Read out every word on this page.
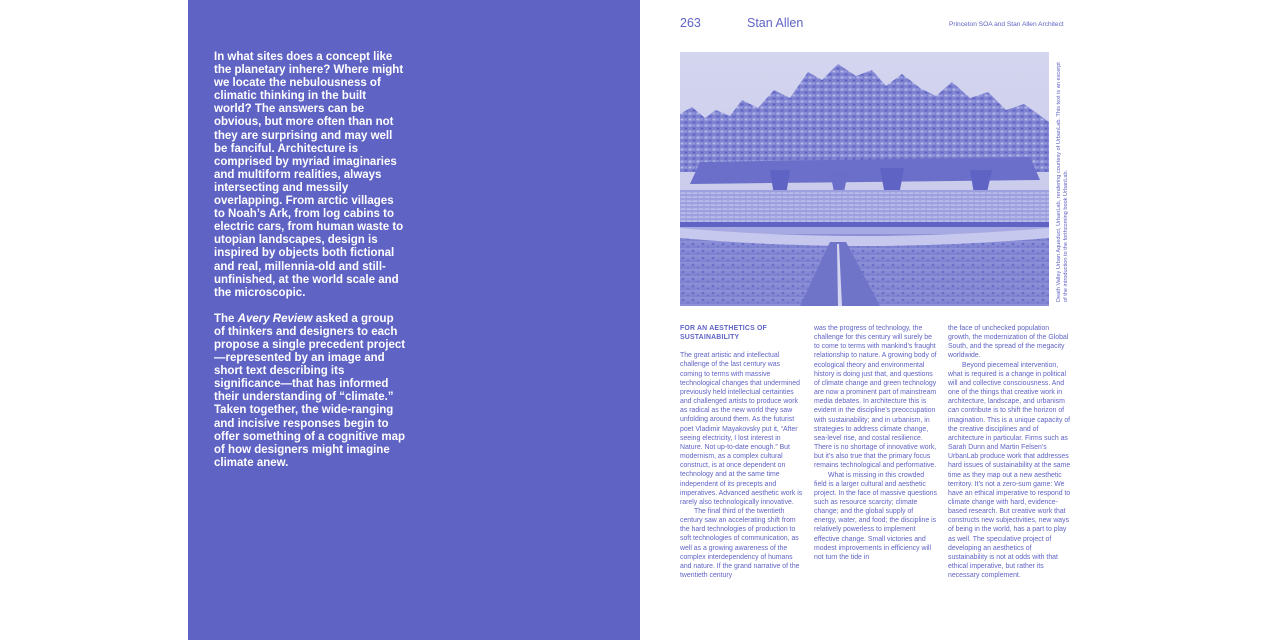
In what sites does a concept like the planetary inhere? Where might we locate the nebulousness of climatic thinking in the built world? The answers can be obvious, but more often than not they are surprising and may well be fanciful. Architecture is comprised by myriad imaginaries and multiform realities, always intersecting and messily overlapping. From arctic villages to Noah’s Ark, from log cabins to electric cars, from human waste to utopian landscapes, design is inspired by objects both fictional and real, millennia-old and still-unfinished, at the world scale and the microscopic.

The Avery Review asked a group of thinkers and designers to each propose a single precedent project—represented by an image and short text describing its significance—that has informed their understanding of “climate.” Taken together, the wide-ranging and incisive responses begin to offer something of a cognitive map of how designers might imagine climate anew.

263	Stan Allen	Princeton SOA and Stan Allen Architect
Death Valley Urban Aqueduct, UrbanLab, rendering courtesy of UrbanLab. This text is an excerpt of the introduction to the forthcoming book UrbanLab.

FOR AN AESTHETICS OF SUSTAINABILITY

The great artistic and intellectual challenge of the last century was coming to terms with massive technological changes that undermined previously held intellectual certainties and challenged artists to produce work as radical as the new world they saw unfolding around them. As the futurist poet Vladimir Mayakovsky put it, “After seeing electricity, I lost interest in Nature. Not up-to-date enough.” But modernism, as a complex cultural construct, is at once dependent on technology and at the same time independent of its precepts and imperatives. Advanced aesthetic work is rarely also technologically innovative.

The final third of the twentieth century saw an accelerating shift from the hard technologies of production to soft technologies of communication, as well as a growing awareness of the complex interdependency of humans and nature. If the grand narrative of the twentieth century

was the progress of technology, the challenge for this century will surely be to come to terms with mankind’s fraught relationship to nature. A growing body of ecological theory and environmental history is doing just that, and questions of climate change and green technology are now a prominent part of mainstream media debates. In architecture this is evident in the discipline’s preoccupation with sustainability; and in urbanism, in strategies to address climate change, sea-level rise, and costal resilience. There is no shortage of innovative work, but it’s also true that the primary focus remains technological and performative.

What is missing in this crowded field is a larger cultural and aesthetic project. In the face of massive questions such as resource scarcity; climate change; and the global supply of energy, water, and food; the discipline is relatively powerless to implement effective change. Small victories and modest improvements in efficiency will not turn the tide in

the face of unchecked population growth, the modernization of the Global South, and the spread of the megacity worldwide.

Beyond piecemeal intervention, what is required is a change in political will and collective consciousness. And one of the things that creative work in architecture, landscape, and urbanism can contribute is to shift the horizon of imagination. This is a unique capacity of the creative disciplines and of architecture in particular. Firms such as Sarah Dunn and Martin Felsen’s UrbanLab produce work that addresses hard issues of sustainability at the same time as they map out a new aesthetic territory. It’s not a zero-sum game: We have an ethical imperative to respond to climate change with hard, evidence-based research. But creative work that constructs new subjectivities, new ways of being in the world, has a part to play as well. The speculative project of developing an aesthetics of sustainability is not at odds with that ethical imperative, but rather its necessary complement.
